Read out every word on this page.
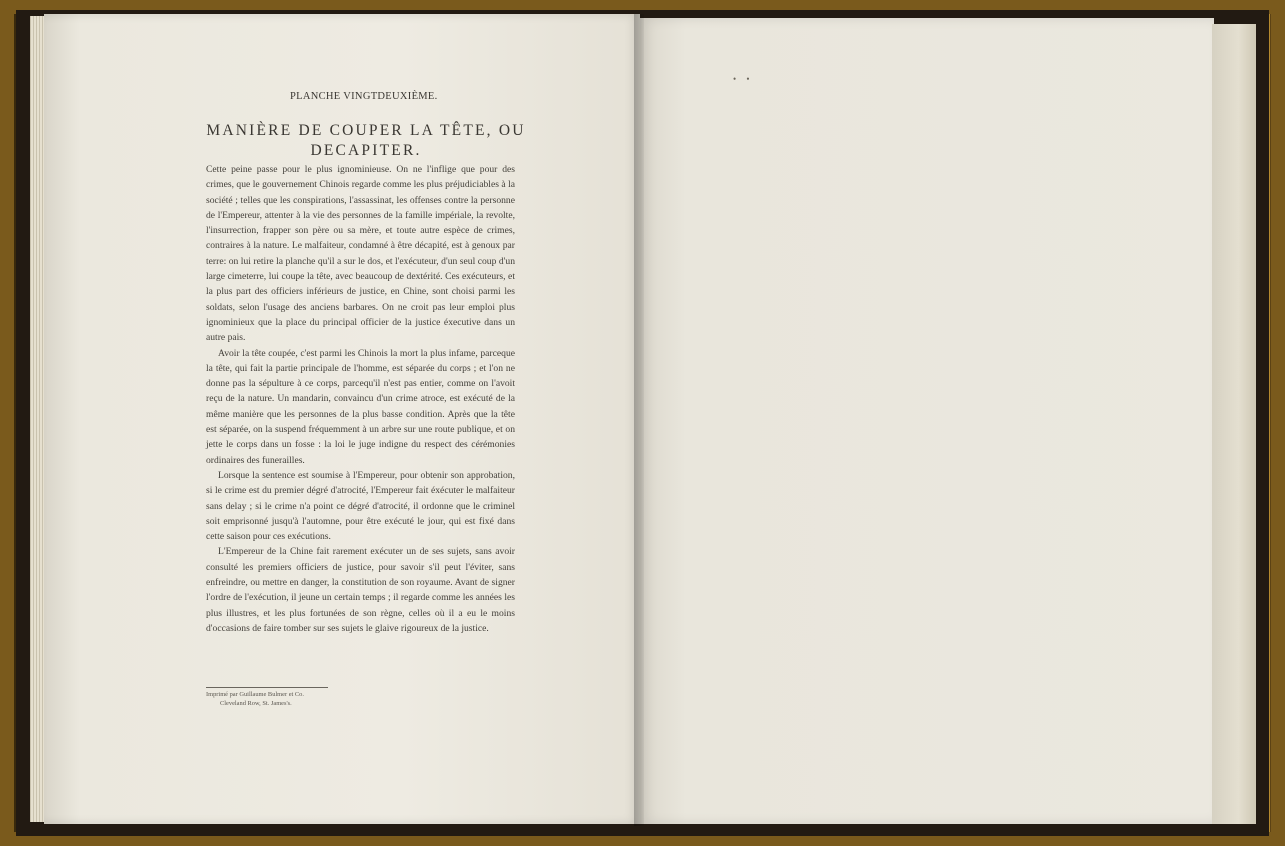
PLANCHE VINGTDEUXIÈME.
MANIÈRE DE COUPER LA TÊTE, OU DECAPITER.

Cette peine passe pour le plus ignominieuse. On ne l'inflige que pour des crimes, que le gouvernement Chinois regarde comme les plus préjudiciables à la société ; telles que les conspirations, l'assassinat, les offenses contre la personne de l'Empereur, attenter à la vie des personnes de la famille impériale, la revolte, l'insurrection, frapper son père ou sa mère, et toute autre espèce de crimes, contraires à la nature. Le malfaiteur, condamné à être décapité, est à genoux par terre: on lui retire la planche qu'il a sur le dos, et l'exécuteur, d'un seul coup d'un large cimeterre, lui coupe la tête, avec beaucoup de dextérité. Ces exécuteurs, et la plus part des officiers inférieurs de justice, en Chine, sont choisi parmi les soldats, selon l'usage des anciens barbares. On ne croit pas leur emploi plus ignominieux que la place du principal officier de la justice éxecutive dans un autre pais.

Avoir la tête coupée, c'est parmi les Chinois la mort la plus infame, parceque la tête, qui fait la partie principale de l'homme, est séparée du corps ; et l'on ne donne pas la sépulture à ce corps, parcequ'il n'est pas entier, comme on l'avoit reçu de la nature. Un mandarin, convaincu d'un crime atroce, est exécuté de la même manière que les personnes de la plus basse condition. Après que la tête est séparée, on la suspend fréquemment à un arbre sur une route publique, et on jette le corps dans un fosse : la loi le juge indigne du respect des cérémonies ordinaires des funerailles.

Lorsque la sentence est soumise à l'Empereur, pour obtenir son approbation, si le crime est du premier dégré d'atrocité, l'Empereur fait éxécuter le malfaiteur sans delay ; si le crime n'a point ce dégré d'atrocité, il ordonne que le criminel soit emprisonné jusqu'à l'automne, pour être exécuté le jour, qui est fixé dans cette saison pour ces exécutions.

L'Empereur de la Chine fait rarement exécuter un de ses sujets, sans avoir consulté les premiers officiers de justice, pour savoir s'il peut l'éviter, sans enfreindre, ou mettre en danger, la constitution de son royaume. Avant de signer l'ordre de l'exécution, il jeune un certain temps ; il regarde comme les années les plus illustres, et les plus fortunées de son règne, celles où il a eu le moins d'occasions de faire tomber sur ses sujets le glaive rigoureux de la justice.

Imprimé par Guillaume Bulmer et Co.
Cleveland Row, St. James's.
• •
